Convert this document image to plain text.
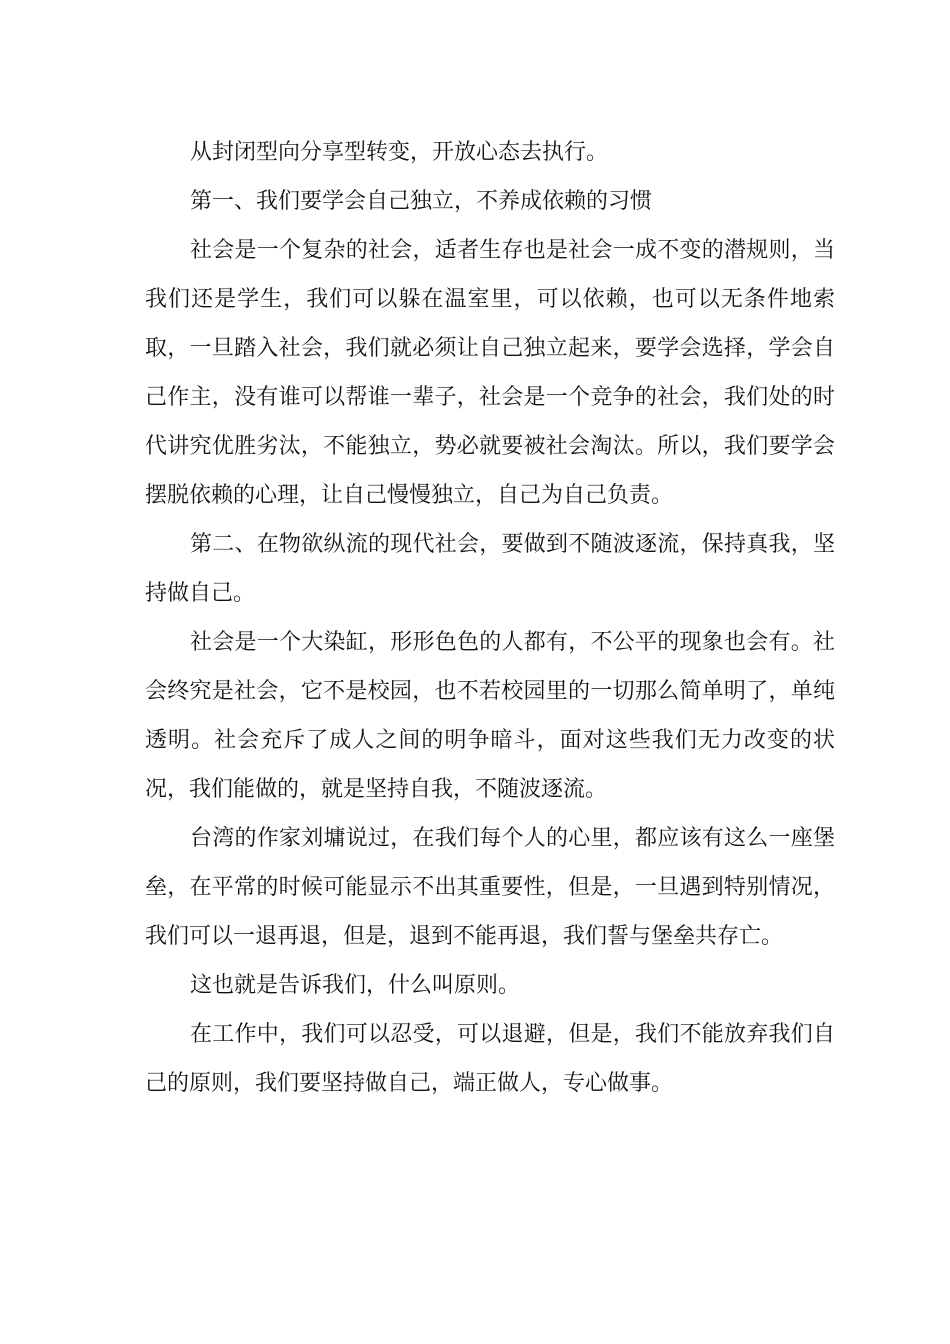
从封闭型向分享型转变，开放心态去执行。

第一、我们要学会自己独立，不养成依赖的习惯

社会是一个复杂的社会，适者生存也是社会一成不变的潜规则，当我们还是学生，我们可以躲在温室里，可以依赖，也可以无条件地索取，一旦踏入社会，我们就必须让自己独立起来，要学会选择，学会自己作主，没有谁可以帮谁一辈子，社会是一个竞争的社会，我们处的时代讲究优胜劣汰，不能独立，势必就要被社会淘汰。所以，我们要学会摆脱依赖的心理，让自己慢慢独立，自己为自己负责。

第二、在物欲纵流的现代社会，要做到不随波逐流，保持真我，坚持做自己。

社会是一个大染缸，形形色色的人都有，不公平的现象也会有。社会终究是社会，它不是校园，也不若校园里的一切那么简单明了，单纯透明。社会充斥了成人之间的明争暗斗，面对这些我们无力改变的状况，我们能做的，就是坚持自我，不随波逐流。

台湾的作家刘墉说过，在我们每个人的心里，都应该有这么一座堡垒，在平常的时候可能显示不出其重要性，但是，一旦遇到特别情况，我们可以一退再退，但是，退到不能再退，我们誓与堡垒共存亡。

这也就是告诉我们，什么叫原则。

在工作中，我们可以忍受，可以退避，但是，我们不能放弃我们自己的原则，我们要坚持做自己，端正做人，专心做事。
